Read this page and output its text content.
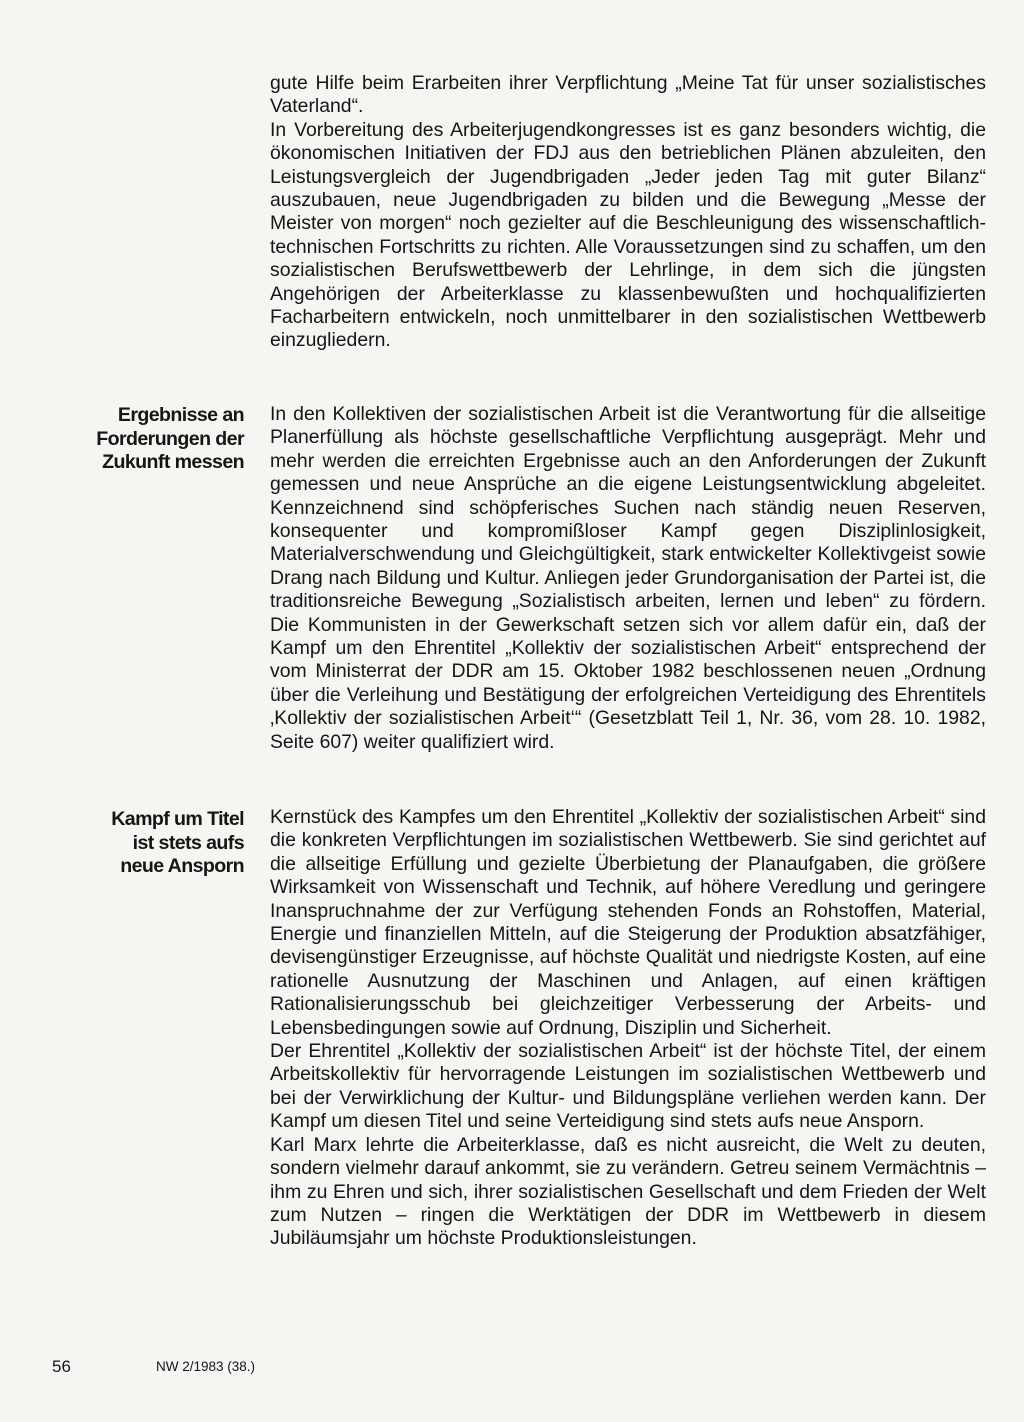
gute Hilfe beim Erarbeiten ihrer Verpflichtung „Meine Tat für unser sozialistisches Vaterland“.

In Vorbereitung des Arbeiterjugendkongresses ist es ganz besonders wichtig, die ökonomischen Initiativen der FDJ aus den betrieblichen Plänen abzuleiten, den Leistungsvergleich der Jugendbrigaden „Jeder jeden Tag mit guter Bilanz“ auszubauen, neue Jugendbrigaden zu bilden und die Bewegung „Messe der Meister von morgen“ noch gezielter auf die Beschleunigung des wissenschaftlich-technischen Fortschritts zu richten. Alle Voraussetzungen sind zu schaffen, um den sozialistischen Berufswettbewerb der Lehrlinge, in dem sich die jüngsten Angehörigen der Arbeiterklasse zu klassenbewußten und hochqualifizierten Facharbeitern entwickeln, noch unmittelbarer in den sozialistischen Wettbewerb einzugliedern.

Ergebnisse an
Forderungen der
Zukunft messen

In den Kollektiven der sozialistischen Arbeit ist die Verantwortung für die allseitige Planerfüllung als höchste gesellschaftliche Verpflichtung ausgeprägt. Mehr und mehr werden die erreichten Ergebnisse auch an den Anforderungen der Zukunft gemessen und neue Ansprüche an die eigene Leistungsentwicklung abgeleitet. Kennzeichnend sind schöpferisches Suchen nach ständig neuen Reserven, konsequenter und kompromißloser Kampf gegen Disziplinlosigkeit, Materialverschwendung und Gleichgültigkeit, stark entwickelter Kollektivgeist sowie Drang nach Bildung und Kultur. Anliegen jeder Grundorganisation der Partei ist, die traditionsreiche Bewegung „Sozialistisch arbeiten, lernen und leben“ zu fördern. Die Kommunisten in der Gewerkschaft setzen sich vor allem dafür ein, daß der Kampf um den Ehrentitel „Kollektiv der sozialistischen Arbeit“ entsprechend der vom Ministerrat der DDR am 15. Oktober 1982 beschlossenen neuen „Ordnung über die Verleihung und Bestätigung der erfolgreichen Verteidigung des Ehrentitels ‚Kollektiv der sozialistischen Arbeit‘“ (Gesetzblatt Teil 1, Nr. 36, vom 28. 10. 1982, Seite 607) weiter qualifiziert wird.

Kampf um Titel
ist stets aufs
neue Ansporn

Kernstück des Kampfes um den Ehrentitel „Kollektiv der sozialistischen Arbeit“ sind die konkreten Verpflichtungen im sozialistischen Wettbewerb. Sie sind gerichtet auf die allseitige Erfüllung und gezielte Überbietung der Planaufgaben, die größere Wirksamkeit von Wissenschaft und Technik, auf höhere Veredlung und geringere Inanspruchnahme der zur Verfügung stehenden Fonds an Rohstoffen, Material, Energie und finanziellen Mitteln, auf die Steigerung der Produktion absatzfähiger, devisengünstiger Erzeugnisse, auf höchste Qualität und niedrigste Kosten, auf eine rationelle Ausnutzung der Maschinen und Anlagen, auf einen kräftigen Rationalisierungsschub bei gleichzeitiger Verbesserung der Arbeits- und Lebensbedingungen sowie auf Ordnung, Disziplin und Sicherheit.

Der Ehrentitel „Kollektiv der sozialistischen Arbeit“ ist der höchste Titel, der einem Arbeitskollektiv für hervorragende Leistungen im sozialistischen Wettbewerb und bei der Verwirklichung der Kultur- und Bildungspläne verliehen werden kann. Der Kampf um diesen Titel und seine Verteidigung sind stets aufs neue Ansporn.

Karl Marx lehrte die Arbeiterklasse, daß es nicht ausreicht, die Welt zu deuten, sondern vielmehr darauf ankommt, sie zu verändern. Getreu seinem Vermächtnis – ihm zu Ehren und sich, ihrer sozialistischen Gesellschaft und dem Frieden der Welt zum Nutzen – ringen die Werktätigen der DDR im Wettbewerb in diesem Jubiläumsjahr um höchste Produktionsleistungen.

56	NW 2/1983 (38.)
